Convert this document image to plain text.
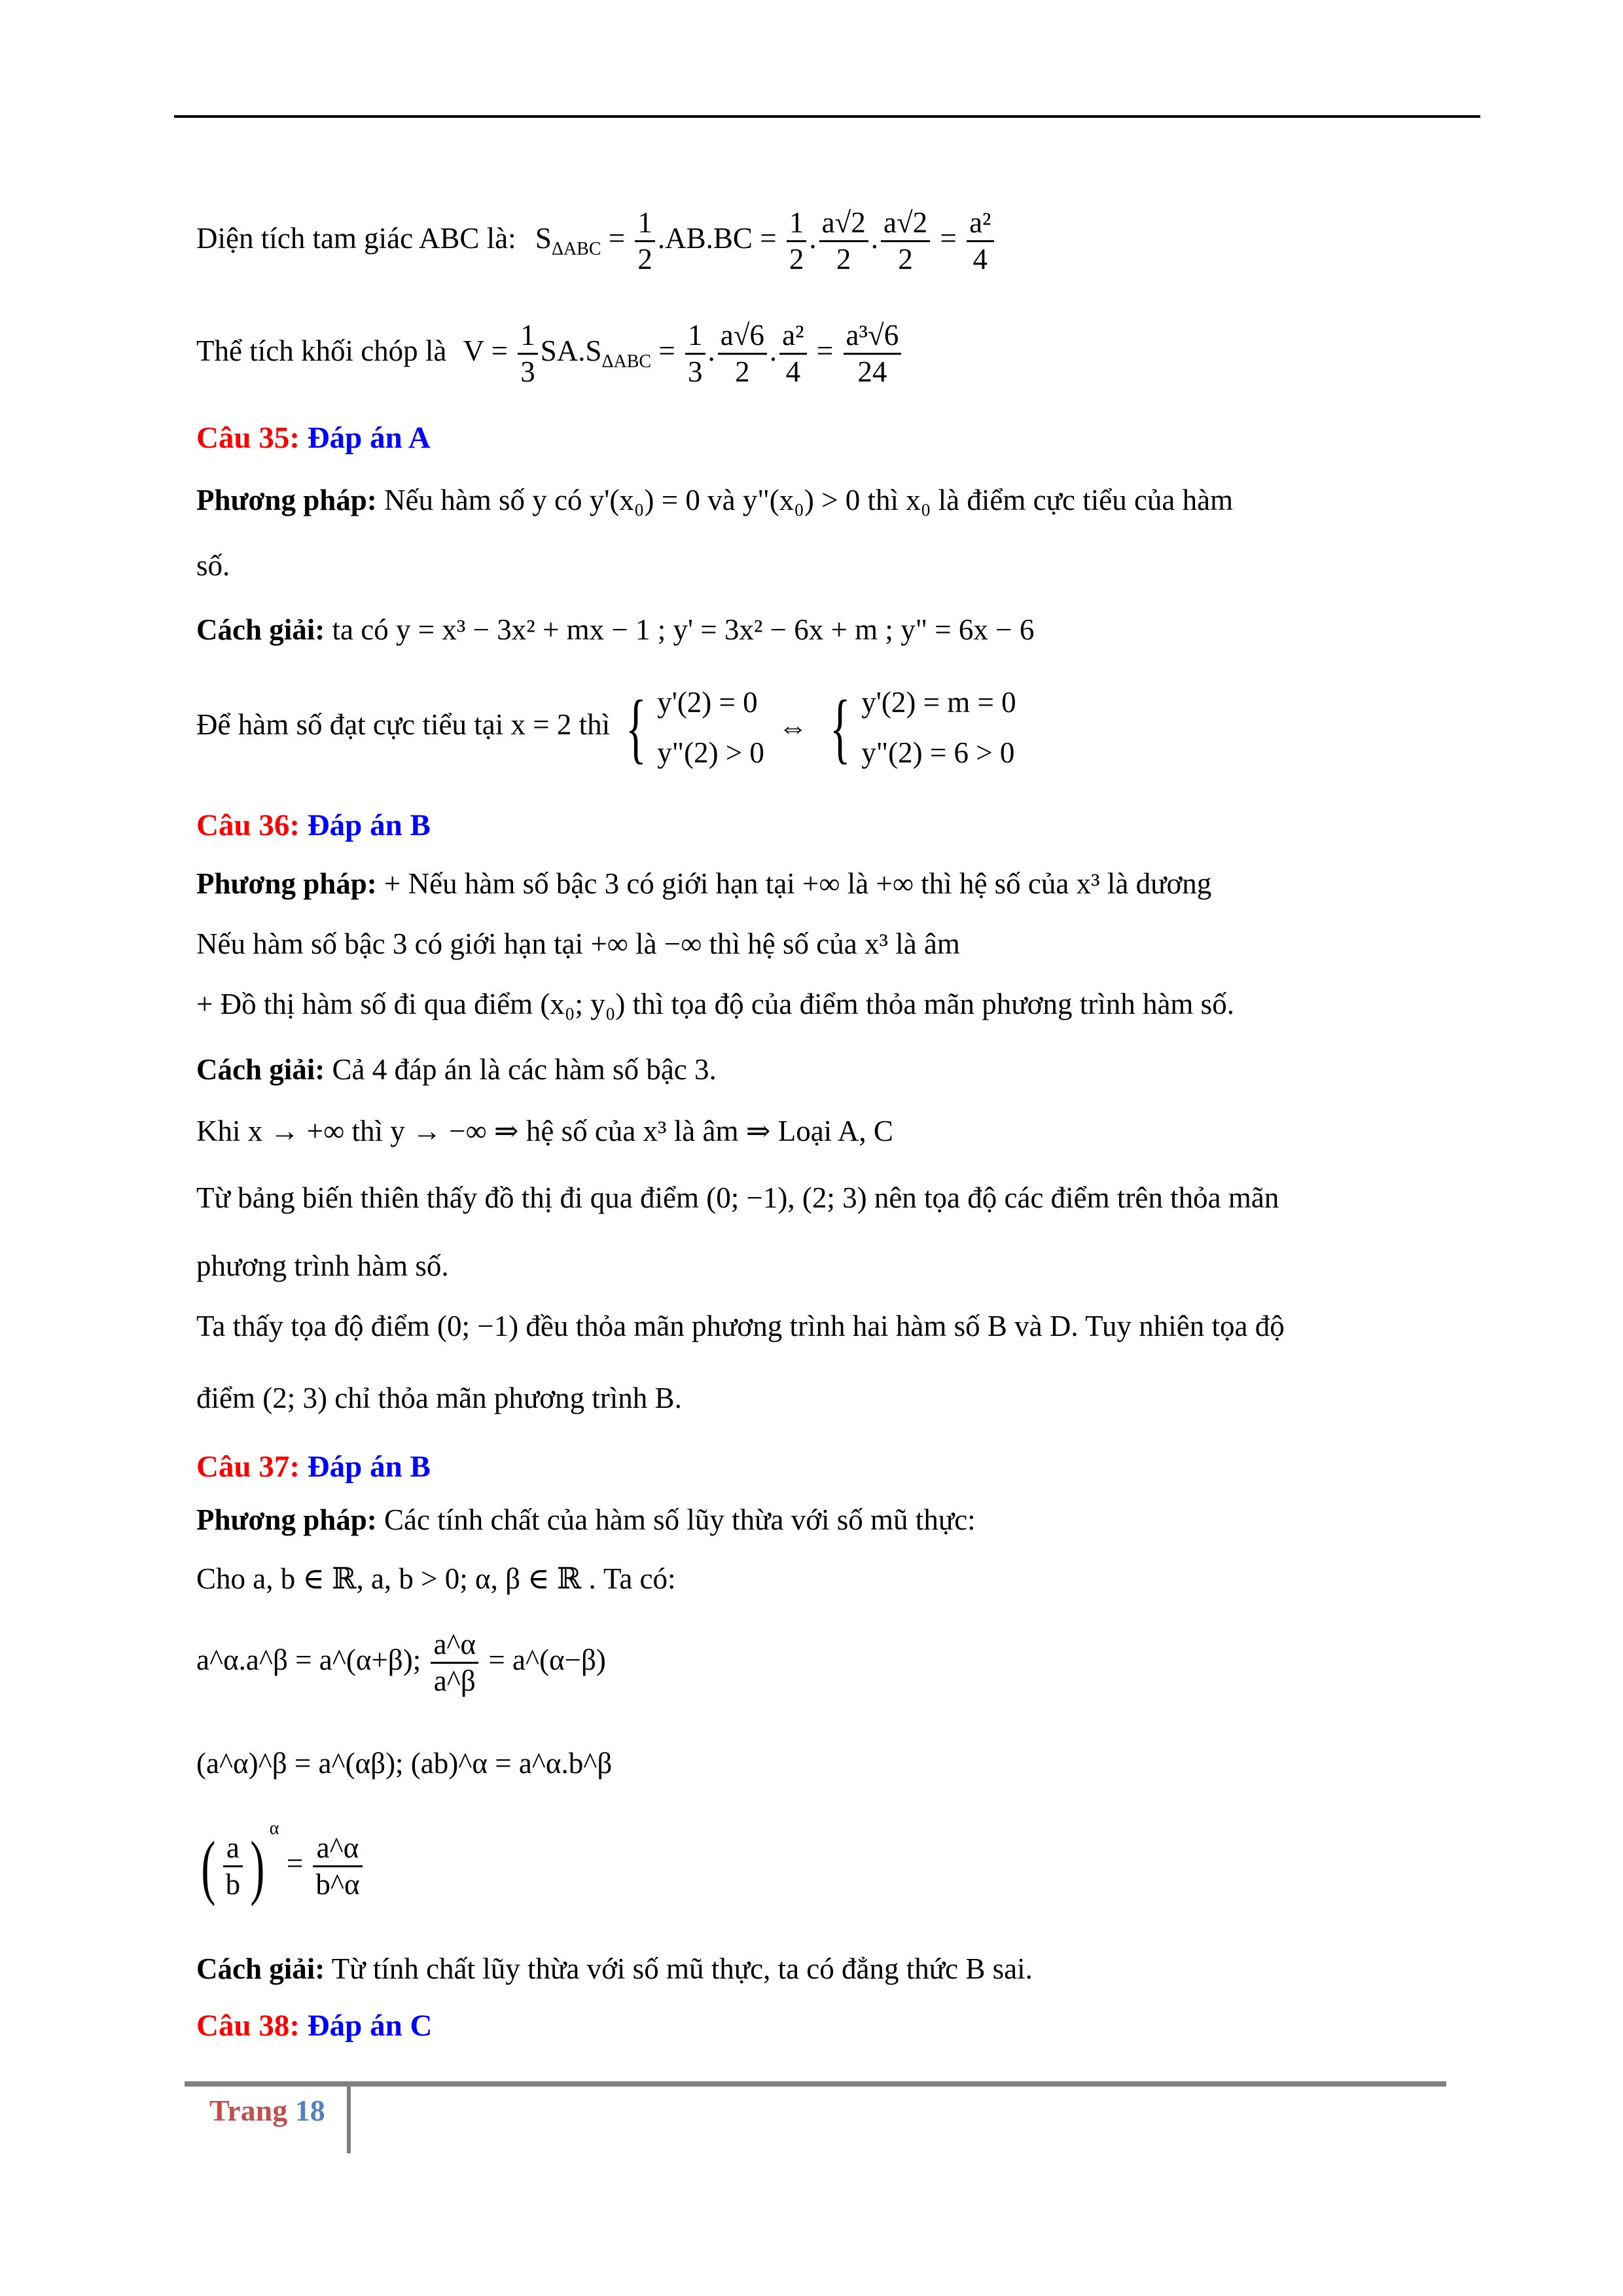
Diện tích tam giác ABC là: $S_{\Delta ABC} = \frac{1}{2} .AB.BC = \frac{1}{2}$ . $\frac{a√2}{2}$ . $\frac{a√2}{2} = \frac{\text{a²}}{4}$
Thể tích khối chóp là $V = \frac{1}{3} SA.S_{\Delta ABC} = \frac{1}{3}$ . $\frac{a√6}{2}$ . $\frac{\text{a²}}{4} = \frac{\text{a³√6}}{24}$
Câu 35: Đáp án A
Phương pháp: Nếu hàm số y có y'(x₀) = 0 và y"(x₀) > 0 thì x₀ là điểm cực tiểu của hàm
số.
Cách giải: ta có y = x³ − 3x² + mx − 1 ; y' = 3x² − 6x + m ; y" = 6x − 6
Để hàm số đạt cực tiểu tại x = 2 thì { y'(2) = 0
y"(2) > 0
⇔ { y'(2) = m = 0
y"(2) = 6 > 0
Câu 36: Đáp án B
Phương pháp: + Nếu hàm số bậc 3 có giới hạn tại +∞ là +∞ thì hệ số của x³ là dương
Nếu hàm số bậc 3 có giới hạn tại +∞ là −∞ thì hệ số của x³ là âm
+ Đồ thị hàm số đi qua điểm (x₀; y₀) thì tọa độ của điểm thỏa mãn phương trình hàm số.
Cách giải: Cả 4 đáp án là các hàm số bậc 3.
Khi x → +∞ thì y → −∞ ⇒ hệ số của x³ là âm ⇒ Loại A, C
Từ bảng biến thiên thấy đồ thị đi qua điểm (0; −1), (2; 3) nên tọa độ các điểm trên thỏa mãn
phương trình hàm số.
Ta thấy tọa độ điểm (0; −1) đều thỏa mãn phương trình hai hàm số B và D. Tuy nhiên tọa độ
điểm (2; 3) chỉ thỏa mãn phương trình B.
Câu 37: Đáp án B
Phương pháp: Các tính chất của hàm số lũy thừa với số mũ thực:
Cho a, b ∈ ℝ, a, b > 0; α, β ∈ ℝ . Ta có:
a^α.a^β = a^(α+β); $\frac{a\^{}\alpha}{a\^{}\beta}$ = a^(α−β)
(a^α)^β = a^(αβ); (ab)^α = a^α.b^β
( $\frac{a}{b}$ ) $^\alpha = \frac{a\^{}\alpha}{b\^{}\alpha}$
Cách giải: Từ tính chất lũy thừa với số mũ thực, ta có đẳng thức B sai.
Câu 38: Đáp án C
Trang 18
